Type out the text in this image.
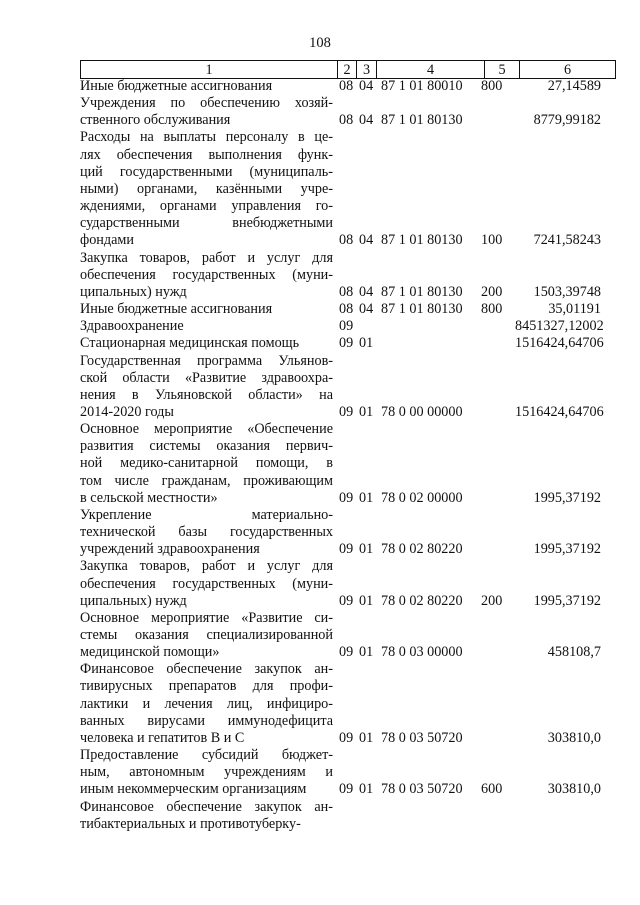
108
1	2	3	4	5	6
Иные бюджетные ассигнования	08 04 87 1 01 80010	800	27,14589
Учреждения по обеспечению хозяй-
ственного обслуживания	08 04 87 1 01 80130	8779,99182
Расходы на выплаты персоналу в це-
лях обеспечения выполнения функ-
ций государственными (муниципаль-
ными) органами, казёнными учре-
ждениями, органами управления го-
сударственными внебюджетными
фондами	08 04 87 1 01 80130	100	7241,58243
Закупка товаров, работ и услуг для
обеспечения государственных (муни-
ципальных) нужд	08 04 87 1 01 80130	200	1503,39748
Иные бюджетные ассигнования	08 04 87 1 01 80130	800	35,01191
Здравоохранение	09	8451327,12002
Стационарная медицинская помощь	09 01	1516424,64706
Государственная программа Ульянов-
ской области «Развитие здравоохра-
нения в Ульяновской области» на
2014-2020 годы	09 01 78 0 00 00000	1516424,64706
Основное мероприятие «Обеспечение
развития системы оказания первич-
ной медико-санитарной помощи, в
том числе гражданам, проживающим
в сельской местности»	09 01 78 0 02 00000	1995,37192
Укрепление материально-
технической базы государственных
учреждений здравоохранения	09 01 78 0 02 80220	1995,37192
Закупка товаров, работ и услуг для
обеспечения государственных (муни-
ципальных) нужд	09 01 78 0 02 80220	200	1995,37192
Основное мероприятие «Развитие си-
стемы оказания специализированной
медицинской помощи»	09 01 78 0 03 00000	458108,7
Финансовое обеспечение закупок ан-
тивирусных препаратов для профи-
лактики и лечения лиц, инфициро-
ванных вирусами иммунодефицита
человека и гепатитов В и С	09 01 78 0 03 50720	303810,0
Предоставление субсидий бюджет-
ным, автономным учреждениям и
иным некоммерческим организациям	09 01 78 0 03 50720	600	303810,0
Финансовое обеспечение закупок ан-
тибактериальных и противотуберку-
